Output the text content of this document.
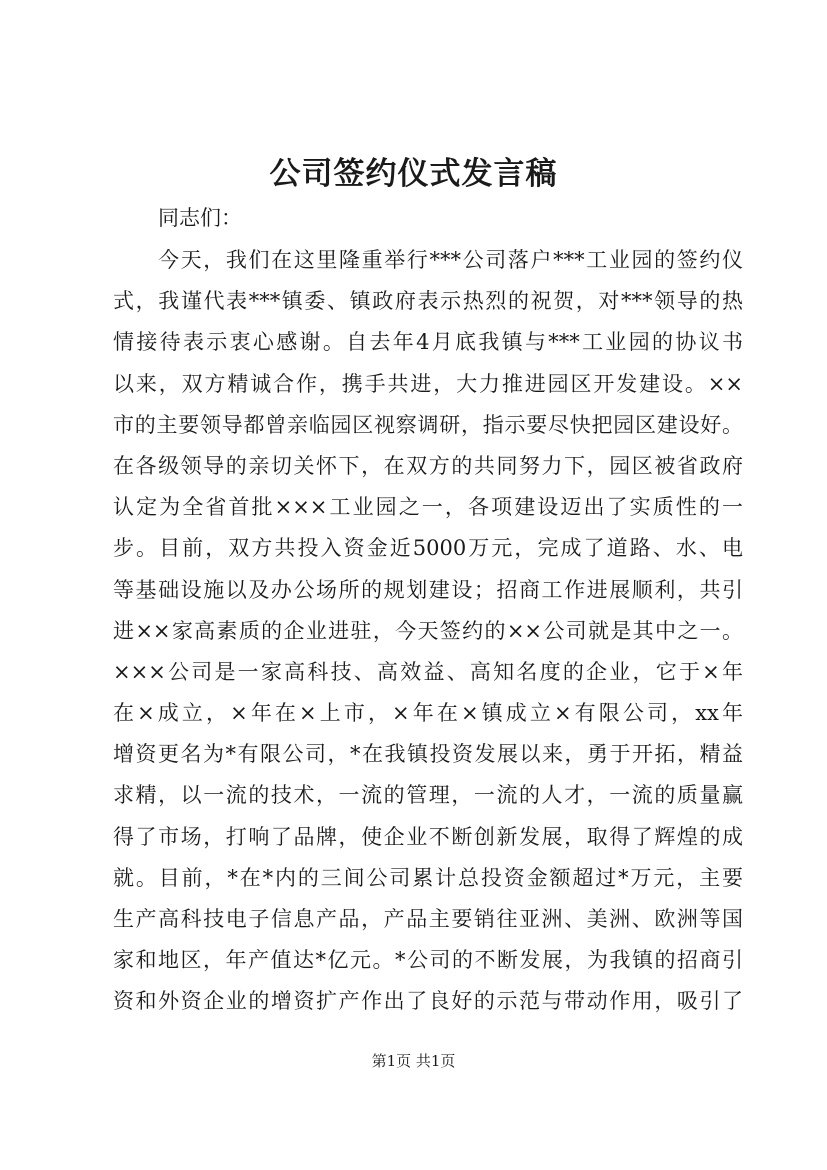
公司签约仪式发言稿
同志们：
今天，我们在这里隆重举行***公司落户***工业园的签约仪
式，我谨代表***镇委、镇政府表示热烈的祝贺，对***领导的热
情接待表示衷心感谢。自去年4月底我镇与***工业园的协议书
以来，双方精诚合作，携手共进，大力推进园区开发建设。××
市的主要领导都曾亲临园区视察调研，指示要尽快把园区建设好。
在各级领导的亲切关怀下，在双方的共同努力下，园区被省政府
认定为全省首批×××工业园之一，各项建设迈出了实质性的一
步。目前，双方共投入资金近5000万元，完成了道路、水、电
等基础设施以及办公场所的规划建设；招商工作进展顺利，共引
进××家高素质的企业进驻，今天签约的××公司就是其中之一。
×××公司是一家高科技、高效益、高知名度的企业，它于×年
在×成立，×年在×上市，×年在×镇成立×有限公司，xx年
增资更名为*有限公司，*在我镇投资发展以来，勇于开拓，精益
求精，以一流的技术，一流的管理，一流的人才，一流的质量赢
得了市场，打响了品牌，使企业不断创新发展，取得了辉煌的成
就。目前，*在*内的三间公司累计总投资金额超过*万元，主要
生产高科技电子信息产品，产品主要销往亚洲、美洲、欧洲等国
家和地区，年产值达*亿元。*公司的不断发展，为我镇的招商引
资和外资企业的增资扩产作出了良好的示范与带动作用，吸引了
第1页 共1页
